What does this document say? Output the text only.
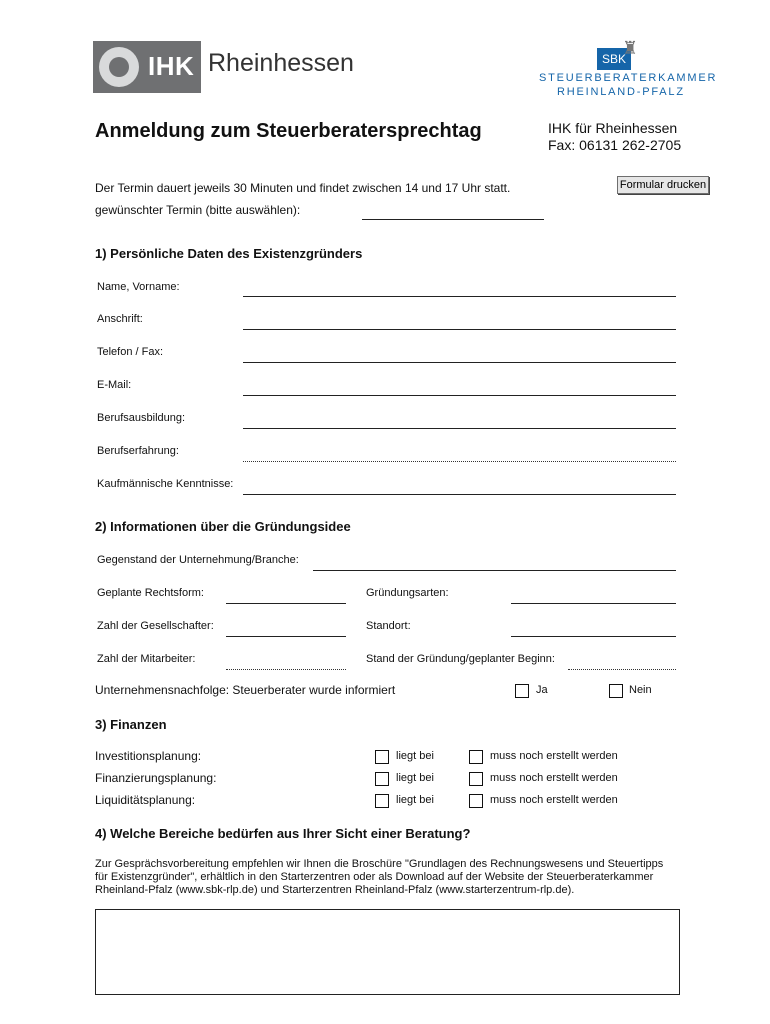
IHK Rheinhessen	SBK
♜
STEUERBERATERKAMMER
RHEINLAND-PFALZ
Anmeldung zum Steuerberatersprechtag	IHK für Rheinhessen
Fax: 06131 262-2705
Formular drucken
Der Termin dauert jeweils 30 Minuten und findet zwischen 14 und 17 Uhr statt.
gewünschter Termin (bitte auswählen):
1) Persönliche Daten des Existenzgründers
Name, Vorname:
Anschrift:
Telefon / Fax:
E-Mail:
Berufsausbildung:
Berufserfahrung:
Kaufmännische Kenntnisse:
2) Informationen über die Gründungsidee
Gegenstand der Unternehmung/Branche:
Geplante Rechtsform:	Gründungsarten:
Zahl der Gesellschafter:	Standort:
Zahl der Mitarbeiter:	Stand der Gründung/geplanter Beginn:
Unternehmensnachfolge: Steuerberater wurde informiert	Ja	Nein
3) Finanzen
Investitionsplanung:	liegt bei	muss noch erstellt werden
Finanzierungsplanung:	liegt bei	muss noch erstellt werden
Liquiditätsplanung:	liegt bei	muss noch erstellt werden
4) Welche Bereiche bedürfen aus Ihrer Sicht einer Beratung?
Zur Gesprächsvorbereitung empfehlen wir Ihnen die Broschüre "Grundlagen des Rechnungswesens und Steuertipps
für Existenzgründer", erhältlich in den Starterzentren oder als Download auf der Website der Steuerberaterkammer
Rheinland-Pfalz (www.sbk-rlp.de) und Starterzentren Rheinland-Pfalz (www.starterzentrum-rlp.de).
